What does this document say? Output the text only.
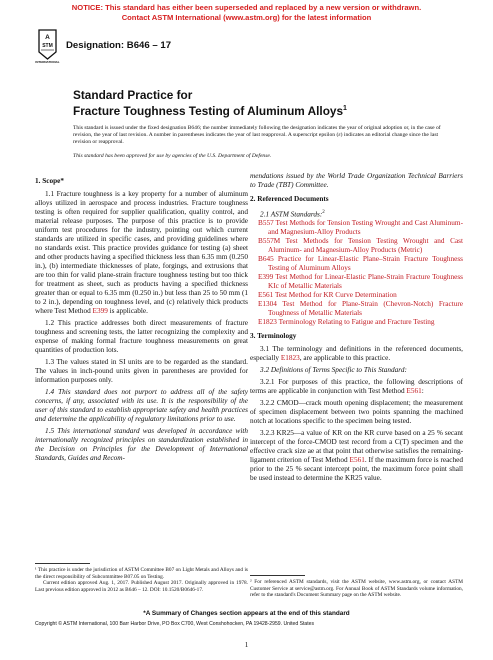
NOTICE: This standard has either been superseded and replaced by a new version or withdrawn.
Contact ASTM International (www.astm.org) for the latest information
A
STM
INTERNATIONAL
Designation: B646 – 17
Standard Practice for
Fracture Toughness Testing of Aluminum Alloys$^1$
This standard is issued under the fixed designation B646; the number immediately following the designation indicates the year of original adoption or, in the case of revision, the year of last revision. A number in parentheses indicates the year of last reapproval. A superscript epsilon (ε) indicates an editorial change since the last revision or reapproval.
This standard has been approved for use by agencies of the U.S. Department of Defense.
1. Scope*

1.1 Fracture toughness is a key property for a number of aluminum alloys utilized in aerospace and process industries. Fracture toughness testing is often required for supplier qualification, quality control, and material release purposes. The purpose of this practice is to provide uniform test procedures for the industry, pointing out which current standards are utilized in specific cases, and providing guidelines where no standards exist. This practice provides guidance for testing (a) sheet and other products having a specified thickness less than 6.35 mm (0.250 in.), (b) intermediate thicknesses of plate, forgings, and extrusions that are too thin for valid plane-strain fracture toughness testing but too thick for treatment as sheet, such as products having a specified thickness greater than or equal to 6.35 mm (0.250 in.) but less than 25 to 50 mm (1 to 2 in.), depending on toughness level, and (c) relatively thick products where Test Method E399 is applicable.

1.2 This practice addresses both direct measurements of fracture toughness and screening tests, the latter recognizing the complexity and expense of making formal fracture toughness measurements on great quantities of production lots.

1.3 The values stated in SI units are to be regarded as the standard. The values in inch-pound units given in parentheses are provided for information purposes only.

1.4 This standard does not purport to address all of the safety concerns, if any, associated with its use. It is the responsibility of the user of this standard to establish appropriate safety and health practices and determine the applicability of regulatory limitations prior to use.

1.5 This international standard was developed in accordance with internationally recognized principles on standardization established in the Decision on Principles for the Development of International Standards, Guides and Recom-

¹ This practice is under the jurisdiction of ASTM Committee B07 on Light Metals and Alloys and is the direct responsibility of Subcommittee B07.05 on Testing.

Current edition approved Aug. 1, 2017. Published August 2017. Originally approved in 1978. Last previous edition approved in 2012 as B646 – 12. DOI: 10.1520/B0646-17.

mendations issued by the World Trade Organization Technical Barriers to Trade (TBT) Committee.

2. Referenced Documents

2.1 ASTM Standards:$^2$

B557 Test Methods for Tension Testing Wrought and Cast Aluminum- and Magnesium-Alloy Products

B557M Test Methods for Tension Testing Wrought and Cast Aluminum- and Magnesium-Alloy Products (Metric)

B645 Practice for Linear-Elastic Plane–Strain Fracture Toughness Testing of Aluminum Alloys

E399 Test Method for Linear-Elastic Plane-Strain Fracture Toughness KIc of Metallic Materials

E561 Test Method for KR Curve Determination

E1304 Test Method for Plane-Strain (Chevron-Notch) Fracture Toughness of Metallic Materials

E1823 Terminology Relating to Fatigue and Fracture Testing

3. Terminology

3.1 The terminology and definitions in the referenced documents, especially E1823, are applicable to this practice.

3.2 Definitions of Terms Specific to This Standard:

3.2.1 For purposes of this practice, the following descriptions of terms are applicable in conjunction with Test Method E561:

3.2.2 CMOD—crack mouth opening displacement; the measurement of specimen displacement between two points spanning the machined notch at locations specific to the specimen being tested.

3.2.3 KR25—a value of KR on the KR curve based on a 25 % secant intercept of the force-CMOD test record from a C(T) specimen and the effective crack size ae at that point that otherwise satisfies the remaining-ligament criterion of Test Method E561. If the maximum force is reached prior to the 25 % secant intercept point, the maximum force point shall be used instead to determine the KR25 value.

² For referenced ASTM standards, visit the ASTM website, www.astm.org, or contact ASTM Customer Service at service@astm.org. For Annual Book of ASTM Standards volume information, refer to the standard's Document Summary page on the ASTM website.
*A Summary of Changes section appears at the end of this standard
Copyright © ASTM International, 100 Barr Harbor Drive, PO Box C700, West Conshohocken, PA 19428-2959. United States
1
